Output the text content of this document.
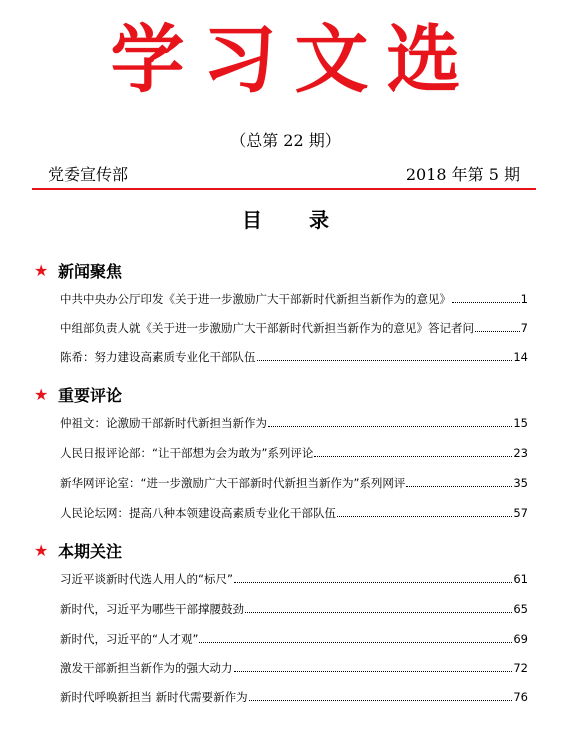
学习文选
（总第 22 期）
党委宣传部	2018 年第 5 期
目 录
★ 新闻聚焦
中共中央办公厅印发《关于进一步激励广大干部新时代新担当新作为的意见》	1
中组部负责人就《关于进一步激励广大干部新时代新担当新作为的意见》答记者问	7
陈希：努力建设高素质专业化干部队伍	14
★ 重要评论
仲祖文：论激励干部新时代新担当新作为	15
人民日报评论部：“让干部想为会为敢为”系列评论	23
新华网评论室：“进一步激励广大干部新时代新担当新作为”系列网评	35
人民论坛网：提高八种本领建设高素质专业化干部队伍	57
★ 本期关注
习近平谈新时代选人用人的“标尺”	61
新时代，习近平为哪些干部撑腰鼓劲	65
新时代，习近平的“人才观”	69
激发干部新担当新作为的强大动力	72
新时代呼唤新担当 新时代需要新作为	76
